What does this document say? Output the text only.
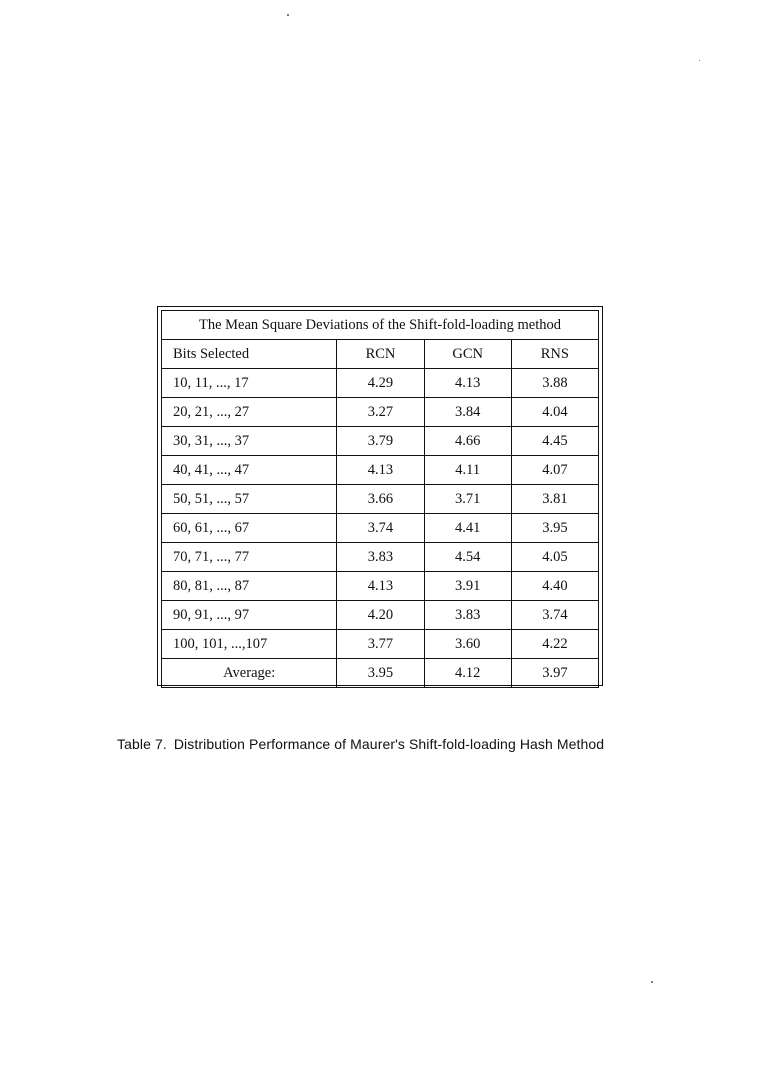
The Mean Square Deviations of the Shift-fold-loading method			
Bits Selected	RCN	GCN	RNS
10, 11, ..., 17	4.29	4.13	3.88
20, 21, ..., 27	3.27	3.84	4.04
30, 31, ..., 37	3.79	4.66	4.45
40, 41, ..., 47	4.13	4.11	4.07
50, 51, ..., 57	3.66	3.71	3.81
60, 61, ..., 67	3.74	4.41	3.95
70, 71, ..., 77	3.83	4.54	4.05
80, 81, ..., 87	4.13	3.91	4.40
90, 91, ..., 97	4.20	3.83	3.74
100, 101, ...,107	3.77	3.60	4.22
Average:	3.95	4.12	3.97
Table 7. Distribution Performance of Maurer's Shift-fold-loading Hash Method
